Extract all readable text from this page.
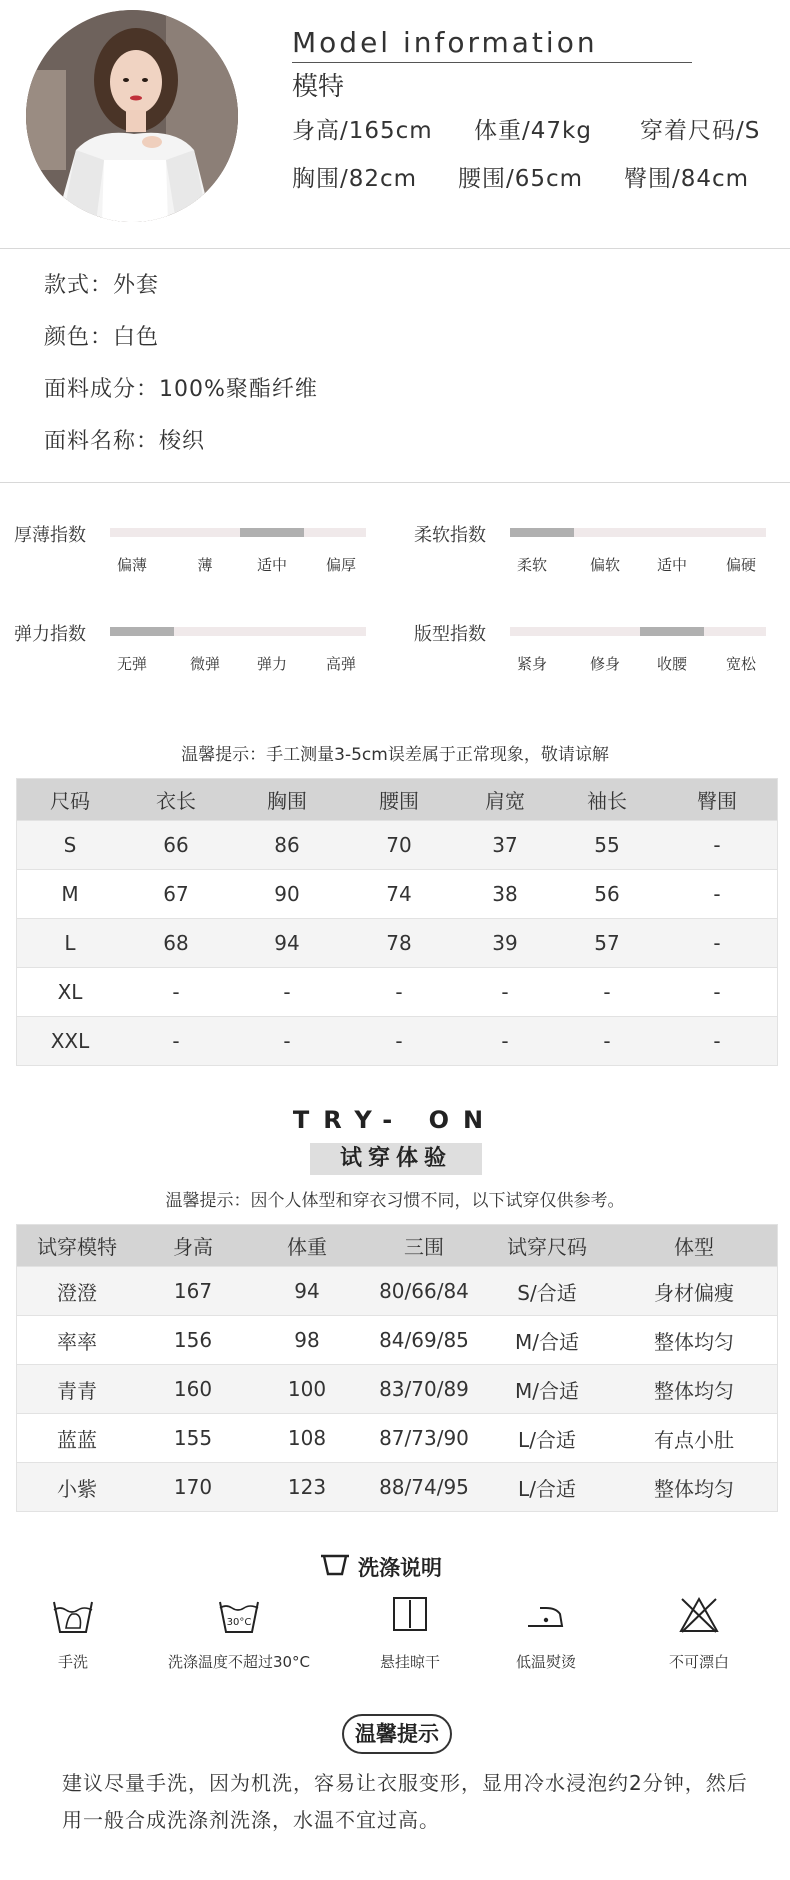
Model information
模特
身高/165cm 体重/47kg 穿着尺码/S
胸围/82cm 腰围/65cm 臀围/84cm
款式：外套
颜色：白色
面料成分：100%聚酯纤维
面料名称：梭织
厚薄指数
偏薄	薄	适中	偏厚
柔软指数
柔软	偏软 适中	偏硬
弹力指数
无弹	微弹 弹力	高弹
版型指数
紧身	修身 收腰	宽松
温馨提示：手工测量3-5cm误差属于正常现象，敬请谅解
尺码	衣长	胸围	腰围	肩宽	袖长	臀围
S	66	86	70	37	55	-
M	67	90	74	38	56	-
L	68	94	78	39	57	-
XL	-	-	-	-	-	-
XXL	-	-	-	-	-	-
TRY- ON
试穿体验
温馨提示：因个人体型和穿衣习惯不同，以下试穿仅供参考。
试穿模特	身高	体重	三围	试穿尺码	体型
澄澄	167	94	80/66/84	S/合适	身材偏瘦
率率	156	98	84/69/85	M/合适	整体均匀
青青	160	100	83/70/89	M/合适	整体均匀
蓝蓝	155	108	87/73/90	L/合适	有点小肚
小紫	170	123	88/74/95	L/合适	整体均匀
洗涤说明
30°C
手洗	洗涤温度不超过30°C	悬挂晾干	低温熨烫	不可漂白
温馨提示
建议尽量手洗，因为机洗，容易让衣服变形，显用冷水浸泡约2分钟，然后用一般合成洗涤剂洗涤，水温不宜过高。
